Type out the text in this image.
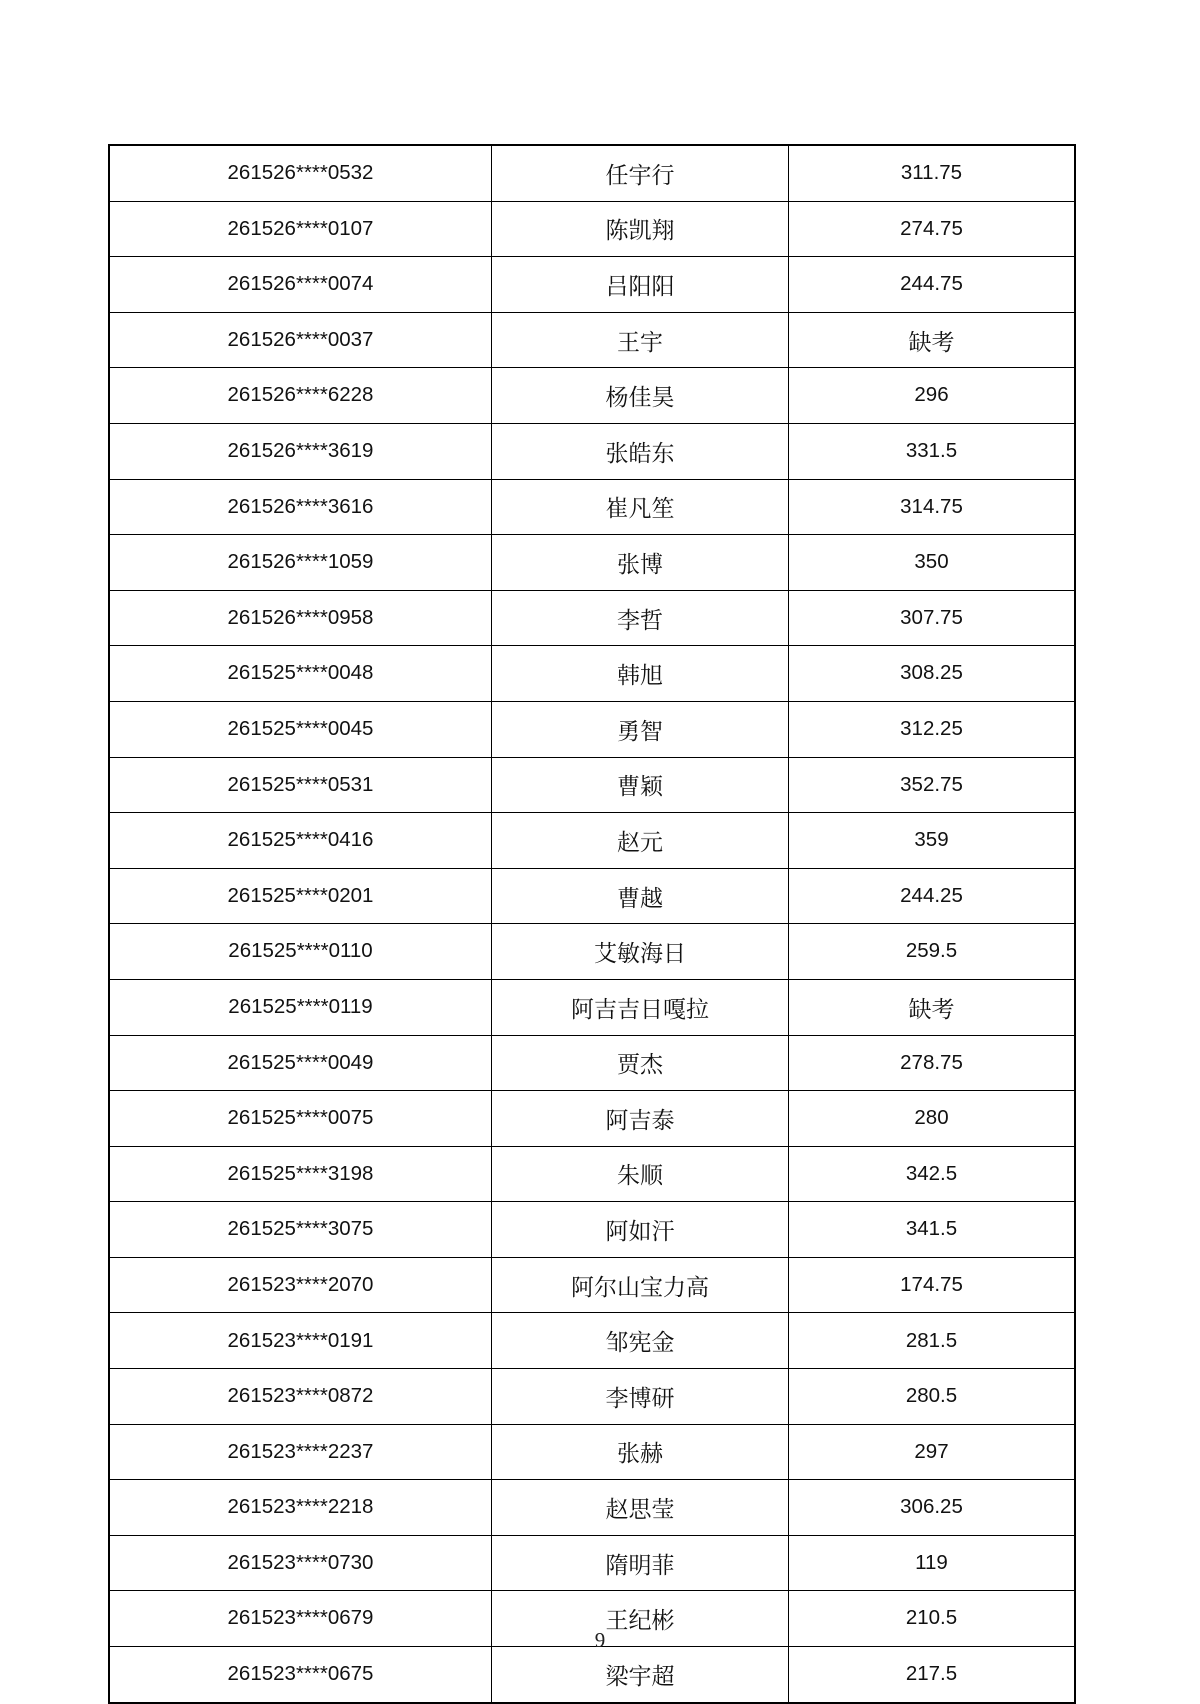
261526****0532	任宇行	311.75
261526****0107	陈凯翔	274.75
261526****0074	吕阳阳	244.75
261526****0037	王宇	缺考
261526****6228	杨佳昊	296
261526****3619	张皓东	331.5
261526****3616	崔凡笙	314.75
261526****1059	张博	350
261526****0958	李哲	307.75
261525****0048	韩旭	308.25
261525****0045	勇智	312.25
261525****0531	曹颖	352.75
261525****0416	赵元	359
261525****0201	曹越	244.25
261525****0110	艾敏海日	259.5
261525****0119	阿吉吉日嘎拉	缺考
261525****0049	贾杰	278.75
261525****0075	阿吉泰	280
261525****3198	朱顺	342.5
261525****3075	阿如汗	341.5
261523****2070	阿尔山宝力高	174.75
261523****0191	邹宪金	281.5
261523****0872	李博研	280.5
261523****2237	张赫	297
261523****2218	赵思莹	306.25
261523****0730	隋明菲	119
261523****0679	王纪彬	210.5
261523****0675	梁宇超	217.5
9
